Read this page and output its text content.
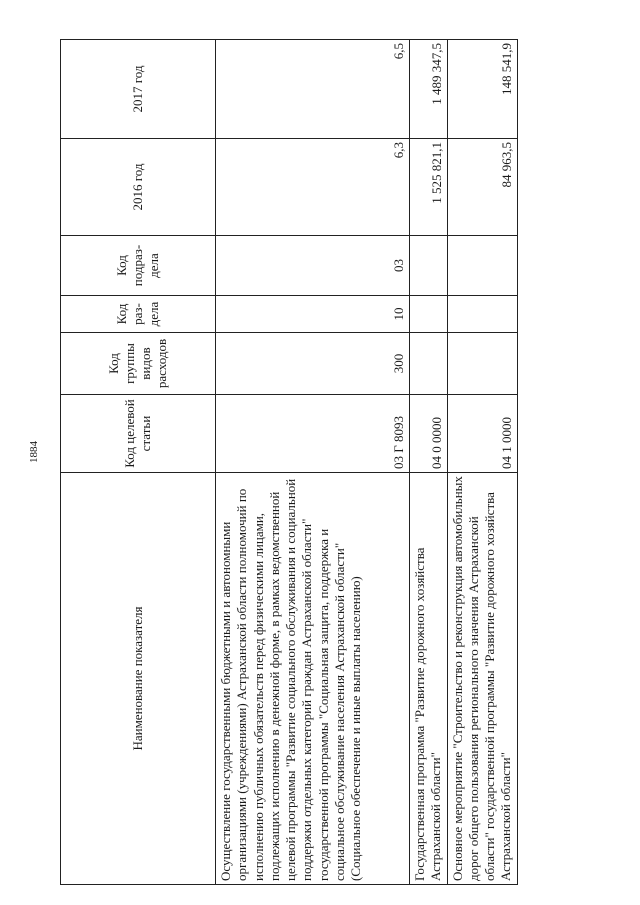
1884
Наименование показателя	Код целевой статьи	Код группы видов расходов	Код раз- дела	Код подраз- дела	2016 год	2017 год
Осуществление государственными бюджетными и автономными организациями (учреждениями) Астраханской области полномочий по исполнению публичных обязательств перед физическими лицами, подлежащих исполнению в денежной форме, в рамках ведомственной целевой программы "Развитие социального обслуживания и социальной поддержки отдельных категорий граждан Астраханской области" государственной программы "Социальная защита, поддержка и социальное обслуживание населения Астраханской области" (Социальное обеспечение и иные выплаты населению)	03 Г 8093	300	10	03	6,3	6,5
Государственная программа "Развитие дорожного хозяйства Астраханской области"	04 0 0000				1 525 821,1	1 489 347,5
Основное мероприятие "Строительство и реконструкция автомобильных дорог общего пользования регионального значения Астраханской области" государственной программы "Развитие дорожного хозяйства Астраханской области"	04 1 0000				84 963,5	148 541,9
